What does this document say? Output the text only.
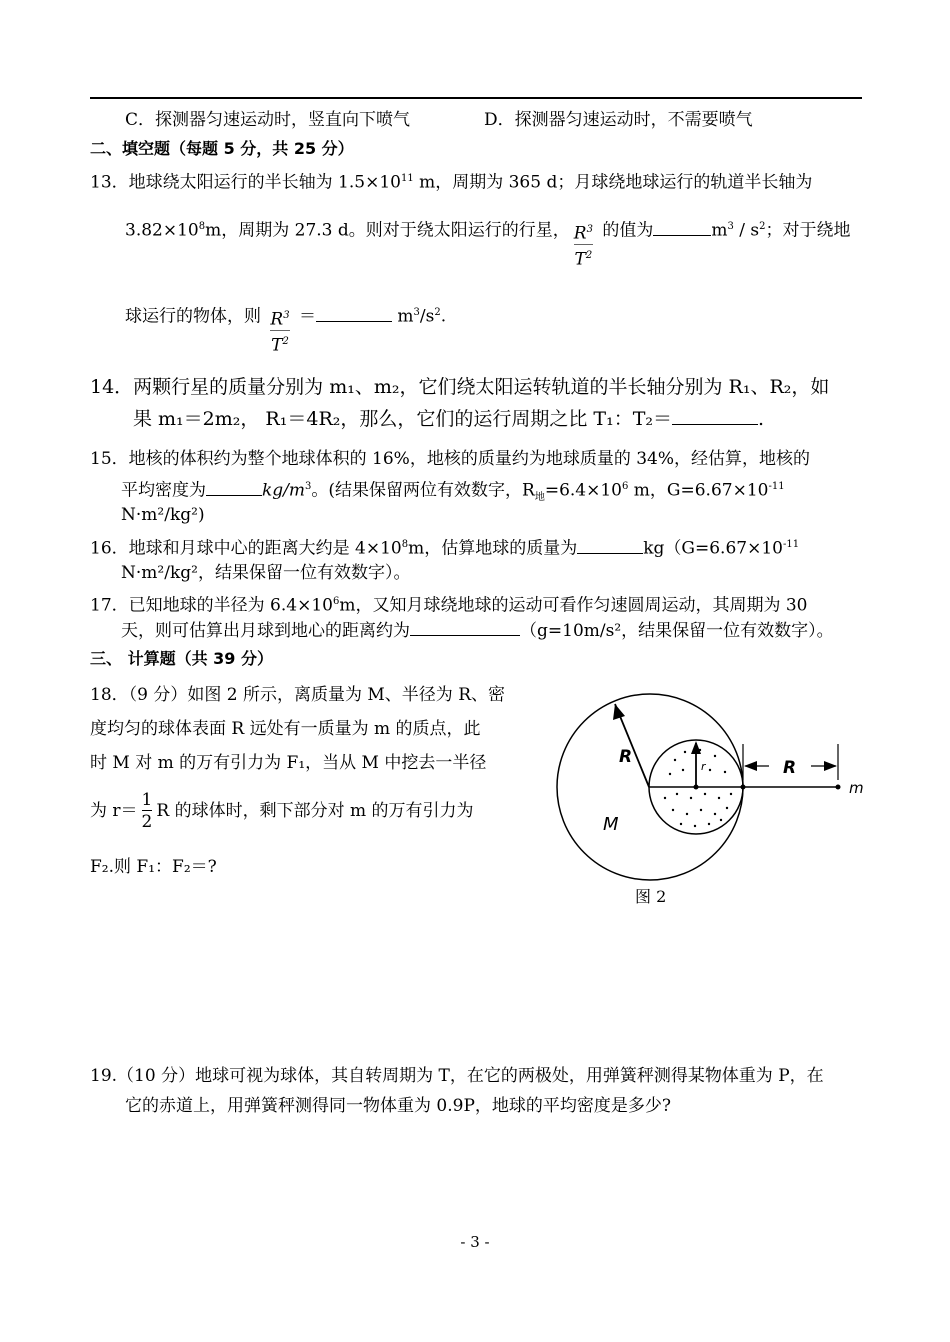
C．探测器匀速运动时，竖直向下喷气	D．探测器匀速运动时，不需要喷气
二、填空题（每题 5 分，共 25 分）
13．地球绕太阳运行的半长轴为 $1.5\times 10^{11}$ m，周期为 365 d；月球绕地球运行的轨道半长轴为
$3.82\times 10^8m$，周期为 27.3 d。则对于绕太阳运行的行星， $\frac{R^3}{T^2}$ 的值为	$m^3 / s^2$；对于绕地
球运行的物体，则 $\frac{R^3}{T^2}$ ＝	$m^3/s^2$.
14．两颗行星的质量分别为 m₁、m₂，它们绕太阳运转轨道的半长轴分别为 R₁、R₂，如
果 m₁＝2m₂， R₁＝4R₂，那么，它们的运行周期之比 T₁：T₂＝	.
15．地核的体积约为整个地球体积的 16%，地核的质量约为地球质量的 34%，经估算，地核的
平均密度为	$kg/m^3$。(结果保留两位有效数字，$R_地=6.4\times 10^6$ m，$G=6.67\times 10^{-11}$
N·m²/kg²)
16．地球和月球中心的距离大约是 $4\times 10^8m$，估算地球的质量为	$kg(G=6.67\times 10^{-11}$
N·m²/kg²，结果保留一位有效数字）。
17．已知地球的半径为 $6.4\times 10^6m$，又知月球绕地球的运动可看作匀速圆周运动，其周期为 30
天，则可估算出月球到地心的距离约为	（g=10m/s²，结果保留一位有效数字）。
三、 计算题（共 39 分）
18．（9 分）如图 2 所示，离质量为 M、半径为 R、密
度均匀的球体表面 R 远处有一质量为 m 的质点，此
时 M 对 m 的万有引力为 F₁，当从 M 中挖去一半径
为 $r= \frac{1}{2}$ R 的球体时，剩下部分对 m 的万有引力为
F₂.则 F₁：F₂＝?
R	r	R
m
M
图 2
19.（10 分）地球可视为球体，其自转周期为 T，在它的两极处，用弹簧秤测得某物体重为 P，在
它的赤道上，用弹簧秤测得同一物体重为 0.9P，地球的平均密度是多少?
- 3 -
